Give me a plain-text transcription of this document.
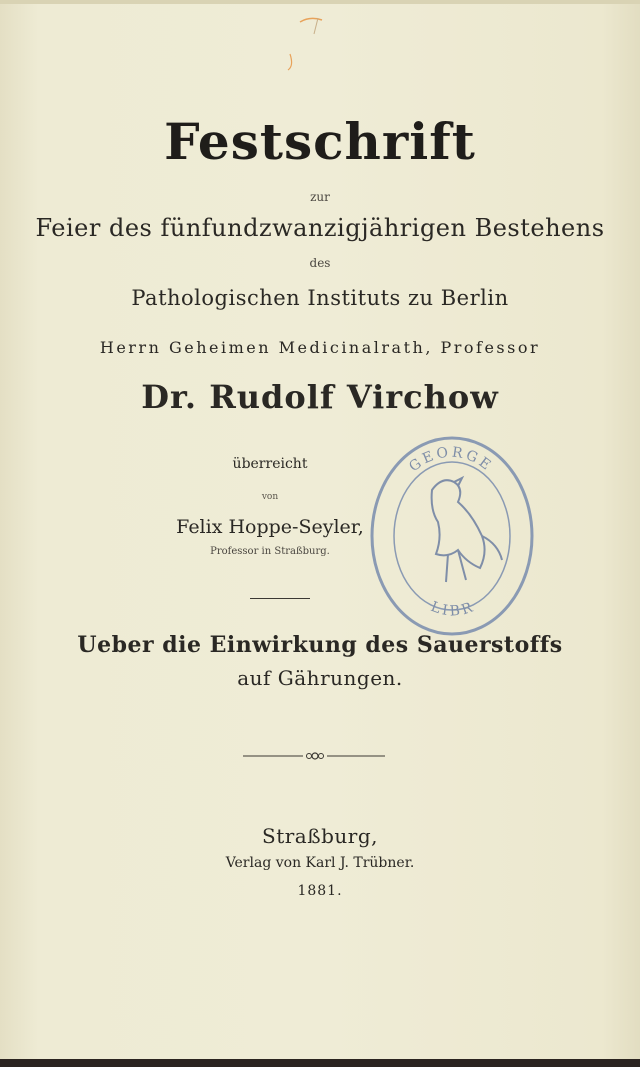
Festschrift
zur
Feier des fünfundzwanzigjährigen Bestehens
des
Pathologischen Instituts zu Berlin
Herrn Geheimen Medicinalrath, Professor
Dr. Rudolf Virchow
überreicht
von
Felix Hoppe-Seyler,
Professor in Straßburg.
GEORGE
LIBR
Ueber die Einwirkung des Sauerstoffs
auf Gährungen.
Straßburg,
Verlag von Karl J. Trübner.
1881.
